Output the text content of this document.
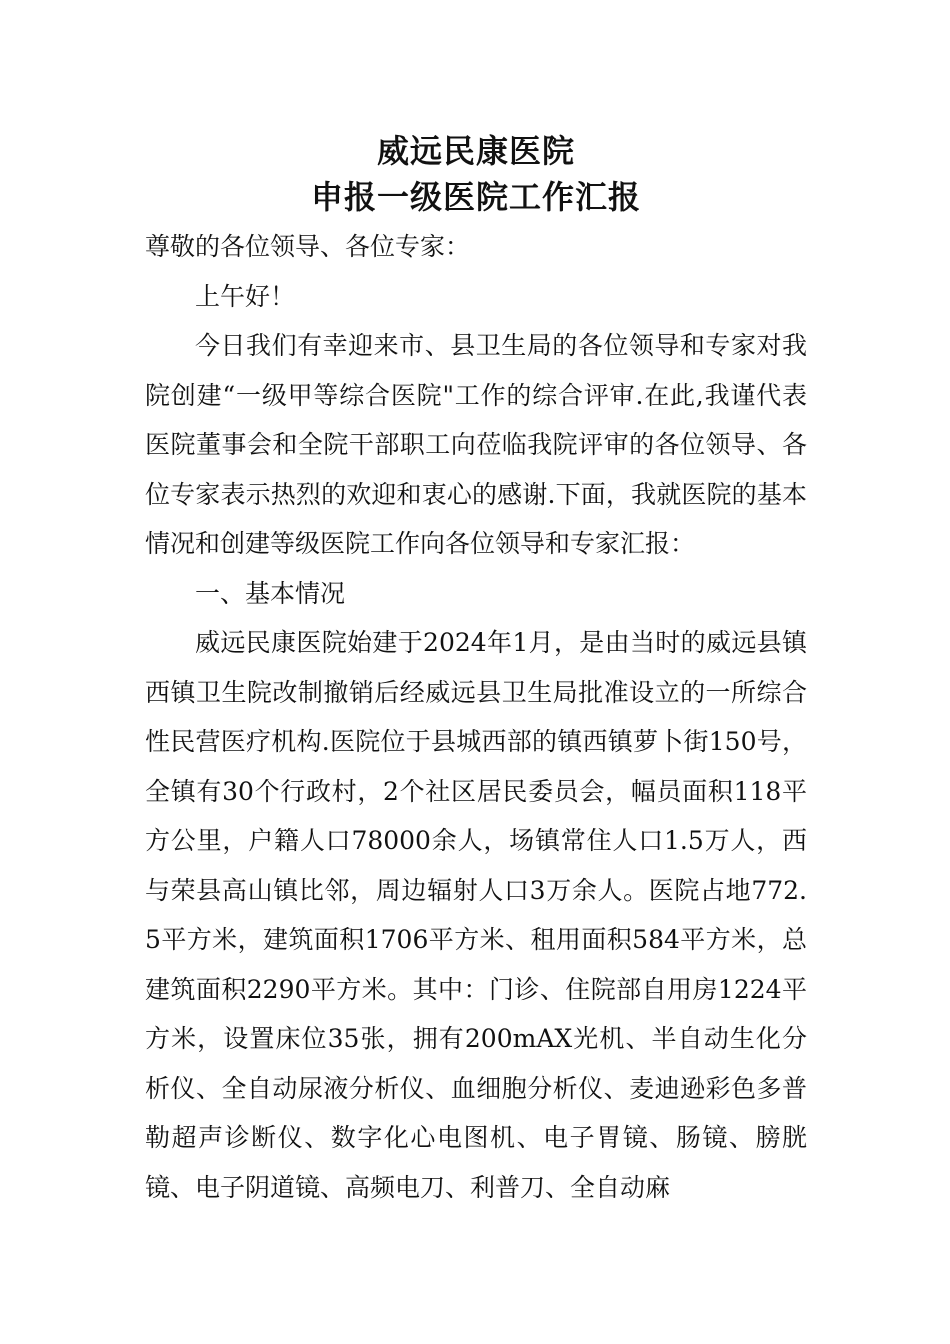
威远民康医院
申报一级医院工作汇报

尊敬的各位领导、各位专家：

上午好！

今日我们有幸迎来市、县卫生局的各位领导和专家对我院创建“一级甲等综合医院"工作的综合评审.在此,我谨代表医院董事会和全院干部职工向莅临我院评审的各位领导、各位专家表示热烈的欢迎和衷心的感谢.下面，我就医院的基本情况和创建等级医院工作向各位领导和专家汇报：

一、基本情况

威远民康医院始建于2024年1月，是由当时的威远县镇西镇卫生院改制撤销后经威远县卫生局批准设立的一所综合性民营医疗机构.医院位于县城西部的镇西镇萝卜街150号，全镇有30个行政村，2个社区居民委员会，幅员面积118平方公里，户籍人口78000余人，场镇常住人口1.5万人，西与荣县高山镇比邻，周边辐射人口3万余人。医院占地772.5平方米，建筑面积1706平方米、租用面积584平方米，总建筑面积2290平方米。其中：门诊、住院部自用房1224平方米，设置床位35张，拥有200mAX光机、半自动生化分析仪、全自动尿液分析仪、血细胞分析仪、麦迪逊彩色多普勒超声诊断仪、数字化心电图机、电子胃镜、肠镜、膀胱镜、电子阴道镜、高频电刀、利普刀、全自动麻
